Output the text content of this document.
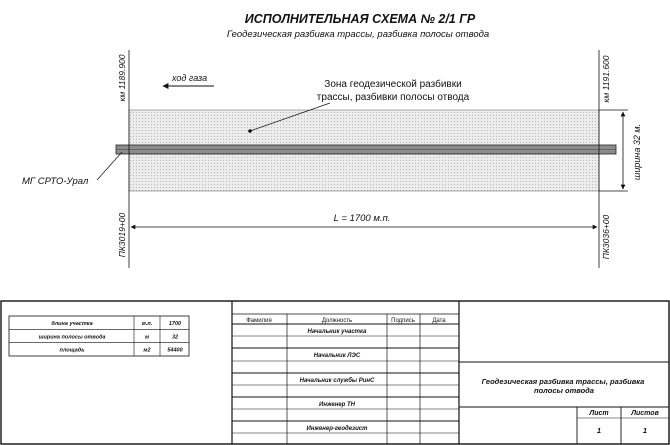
ИСПОЛНИТЕЛЬНАЯ СХЕМА № 2/1 ГР
Геодезическая разбивка трассы, разбивка полосы отвода
км 1189.900	км 1191.600
ПК3019+00	ПК3036+00
ход газа
Зона геодезической разбивки
трассы, разбивки полосы отвода
МГ СРТО-Урал
ширина 32 м.
L = 1700 м.п.
длина участка	м.п.	1700
ширина полосы отвода	м	32
площадь	м2	54400
Фамилия	Должность	Подпись	Дата
Начальник участка
Начальник ЛЭС
Начальник службы РинС
Инженер ТН
Инженер-геодезист
Геодезическая разбивка трассы, разбивка полосы отвода
Лист	Листов
1	1
